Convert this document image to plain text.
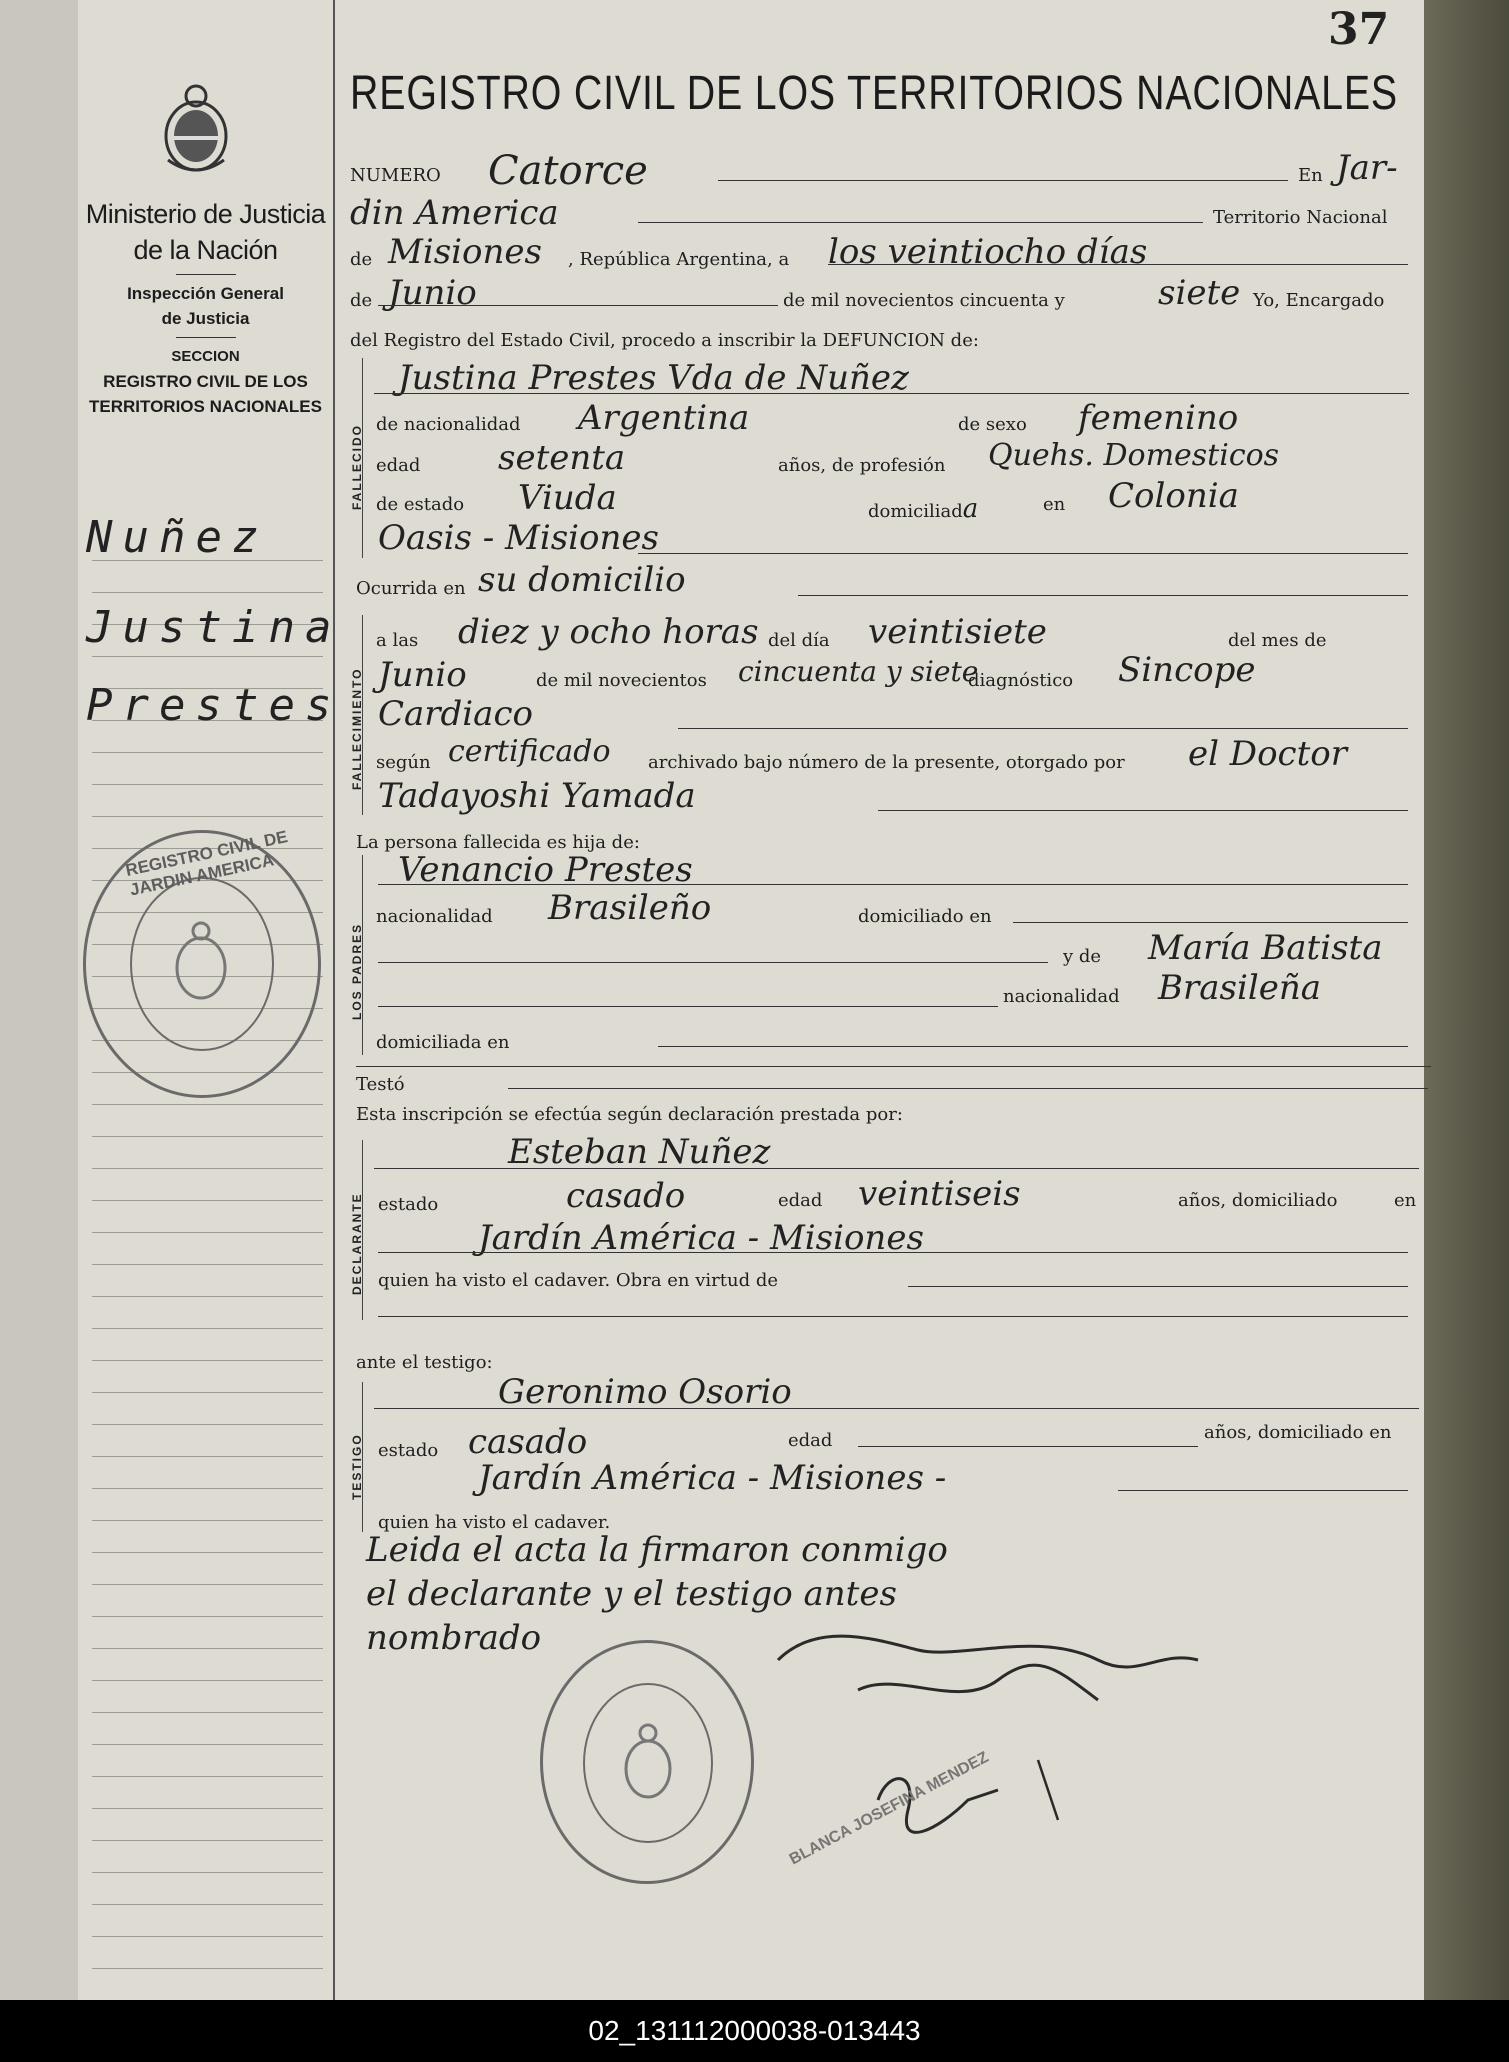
Ministerio de Justicia
de la Nación
Inspección General
de Justicia
SECCION
REGISTRO CIVIL DE LOS
TERRITORIOS NACIONALES
Nuñez
Justina
Prestes
REGISTRO CIVIL DE JARDIN AMERICA
37
REGISTRO CIVIL DE LOS TERRITORIOS NACIONALES
NUMERO Catorce	En Jar-
din America	Territorio Nacional
de Misiones , República Argentina, a los veintiocho días
de Junio	de mil novecientos cincuenta y	siete Yo, Encargado
del Registro del Estado Civil, procedo a inscribir la DEFUNCION de:
FALLECIDO
Justina Prestes Vda de Nuñez
de nacionalidad Argentina	de sexo femenino
edad setenta	años, de profesión Quehs. Domesticos
de estado Viuda	domiciliada	en Colonia
Oasis - Misiones
Ocurrida en su domicilio
FALLECIMIENTO
a las diez y ocho horas del día veintisiete	del mes de
Junio	de mil novecientos cincuenta y siete
diagnóstico Sincope
Cardiaco
según certificado archivado bajo número de la presente, otorgado por el Doctor
Tadayoshi Yamada
La persona fallecida es hija de:
LOS PADRES
Venancio Prestes
nacionalidad Brasileño	domiciliado en
y de María Batista
nacionalidad Brasileña
domiciliada en
Testó
Esta inscripción se efectúa según declaración prestada por:
DECLARANTE
Esteban Nuñez
estado	casado	edad veintiseis	años, domiciliado	en
Jardín América - Misiones
quien ha visto el cadaver. Obra en virtud de
ante el testigo:
TESTIGO
Geronimo Osorio
estado casado	edad	años, domiciliado en
Jardín América - Misiones -
quien ha visto el cadaver.
Leida el acta la firmaron conmigo
el declarante y el testigo antes
nombrado
BLANCA JOSEFINA MENDEZ
02_131112000038-013443
